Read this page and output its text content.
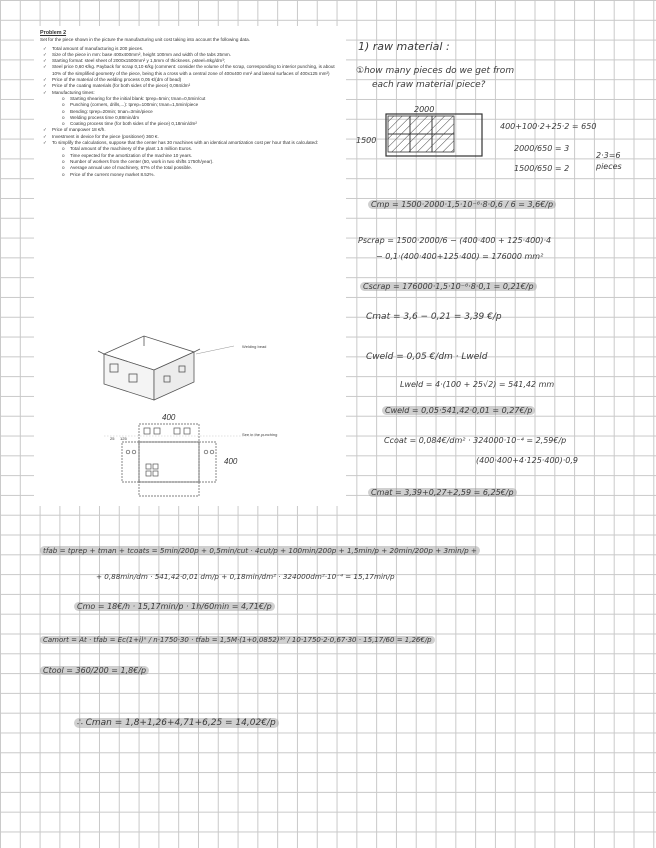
Problem 2
Set for the piece shown in the picture the manufacturing unit cost taking into account the following data.
✓ Total amount of manufacturing is 200 pieces.
✓ Size of the piece in mm: base 400x400mm², height 100mm and width of the tabs 25mm.
✓ Starting format: steel sheet of 2000x1500mm² y 1,5mm of thickness. ρsteel=8kg/dm³;
✓ Steel price 0,60 €/kg. Payback for scrap 0,10 €/kg (comment: consider the volume of the scrap, corresponding to interior punching, is about 10% of the simplified geometry of the piece, being this a cross with a central zone of 400x400 mm² and lateral surfaces of 400x125 mm²)
✓ Price of the material of the welding process 0,05 €/(dm of bead)
✓ Price of the coating materials (for both sides of the piece) 0,084/dm²
✓ Manufacturing times:
o Starting shearing for the initial blank: tprep=5min; tman=0,5min/cut
o Punching (corners, drills,...): tprep=100min; tman=1,5min/piece
o Bending: tprep=20min; tman=3min/piece
o Welding process time 0,88min/dm
o Coating process time (for both sides of the piece) 0,18min/dm²
✓ Price of manpower 18 €/h.
✓ Investment in device for the piece (positioner) 360 €.
✓ To simplify the calculations, suppose that the center has 30 machines with an identical amortization cost per hour that is calculated:
o Total amount of the machinery of the plant 1.5 million Euros.
o Time expected for the amortization of the machine 10 years.
o Number of workers from the center (50, work in two shifts 1750h/year).
o Average annual use of machinery, 67% of the total possible.
o Price of the current money market 8.52%.
Welding bead
400
400
25 125
See in the punching
1) raw material :
①how many pieces do we get from
each raw material piece?
2000
1500
400+100·2+25·2 = 650
2000/650 = 3
1500/650 = 2
2·3=6 pieces
Cmp = 1500·2000·1,5·10⁻⁶·8·0,6 / 6 = 3,6€/p
Pscrap = 1500·2000/6 − (400·400 + 125·400)·4
− 0,1·(400·400+125·400) = 176000 mm²
Cscrap = 176000·1,5·10⁻⁶·8·0,1 = 0,21€/p
Cmat = 3,6 − 0,21 = 3,39 €/p
Cweld = 0,05 €/dm · Lweld
Lweld = 4·(100 + 25√2) = 541,42 mm
Cweld = 0,05·541,42·0,01 = 0,27€/p
Ccoat = 0,084€/dm² · 324000·10⁻⁴ = 2,59€/p
(400·400+4·125·400)·0,9
Cmat = 3,39+0,27+2,59 = 6,25€/p
tfab = tprep + tman + tcoats = 5min/200p + 0,5min/cut · 4cut/p + 100min/200p + 1,5min/p + 20min/200p + 3min/p +
+ 0,88min/dm · 541,42·0,01 dm/p + 0,18min/dm² · 324000dm²·10⁻⁴ = 15,17min/p
Cmo = 18€/h · 15,17min/p · 1h/60min = 4,71€/p
Camort = At · tfab = Ec(1+i)ⁿ / n·1750·30 · tfab = 1,5M·(1+0,0852)¹⁰ / 10·1750·2·0,67·30 · 15,17/60 = 1,26€/p
Ctool = 360/200 = 1,8€/p
∴ Cman = 1,8+1,26+4,71+6,25 = 14,02€/p
